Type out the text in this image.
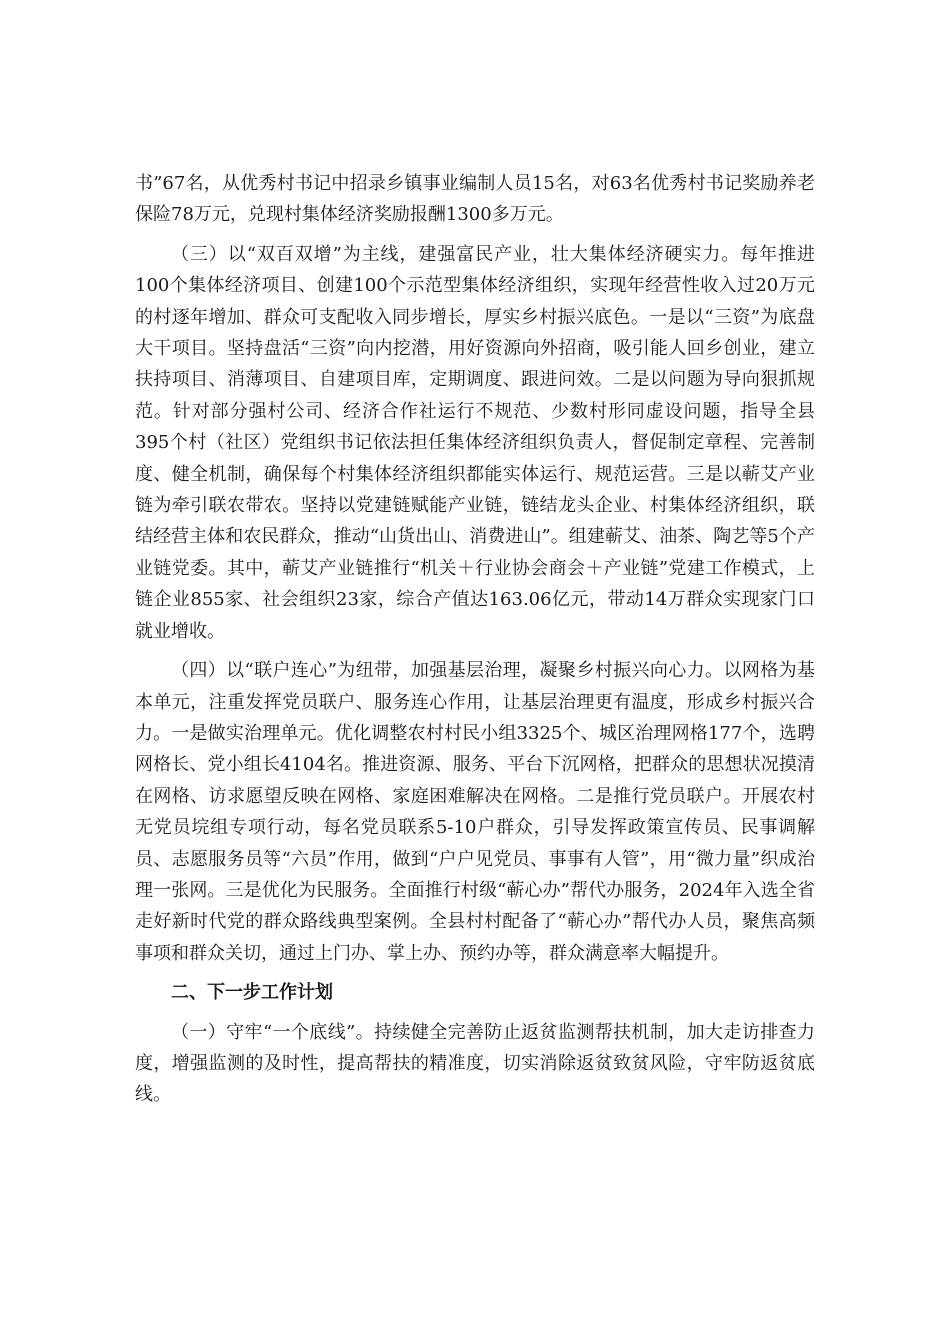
书”67名，从优秀村书记中招录乡镇事业编制人员15名，对63名优秀村书记奖励养老保险78万元，兑现村集体经济奖励报酬1300多万元。

（三）以“双百双增”为主线，建强富民产业，壮大集体经济硬实力。每年推进100个集体经济项目、创建100个示范型集体经济组织，实现年经营性收入过20万元的村逐年增加、群众可支配收入同步增长，厚实乡村振兴底色。一是以“三资”为底盘大干项目。坚持盘活“三资”向内挖潜，用好资源向外招商，吸引能人回乡创业，建立扶持项目、消薄项目、自建项目库，定期调度、跟进问效。二是以问题为导向狠抓规范。针对部分强村公司、经济合作社运行不规范、少数村形同虚设问题，指导全县395个村（社区）党组织书记依法担任集体经济组织负责人，督促制定章程、完善制度、健全机制，确保每个村集体经济组织都能实体运行、规范运营。三是以蕲艾产业链为牵引联农带农。坚持以党建链赋能产业链，链结龙头企业、村集体经济组织，联结经营主体和农民群众，推动“山货出山、消费进山”。组建蕲艾、油茶、陶艺等5个产业链党委。其中，蕲艾产业链推行“机关＋行业协会商会＋产业链”党建工作模式，上链企业855家、社会组织23家，综合产值达163.06亿元，带动14万群众实现家门口就业增收。

（四）以“联户连心”为纽带，加强基层治理，凝聚乡村振兴向心力。以网格为基本单元，注重发挥党员联户、服务连心作用，让基层治理更有温度，形成乡村振兴合力。一是做实治理单元。优化调整农村村民小组3325个、城区治理网格177个，选聘网格长、党小组长4104名。推进资源、服务、平台下沉网格，把群众的思想状况摸清在网格、访求愿望反映在网格、家庭困难解决在网格。二是推行党员联户。开展农村无党员垸组专项行动，每名党员联系5-10户群众，引导发挥政策宣传员、民事调解员、志愿服务员等“六员”作用，做到“户户见党员、事事有人管”，用“微力量”织成治理一张网。三是优化为民服务。全面推行村级“蕲心办”帮代办服务，2024年入选全省走好新时代党的群众路线典型案例。全县村村配备了“蕲心办”帮代办人员，聚焦高频事项和群众关切，通过上门办、掌上办、预约办等，群众满意率大幅提升。

二、下一步工作计划

（一）守牢“一个底线”。持续健全完善防止返贫监测帮扶机制，加大走访排查力度，增强监测的及时性，提高帮扶的精准度，切实消除返贫致贫风险，守牢防返贫底线。
